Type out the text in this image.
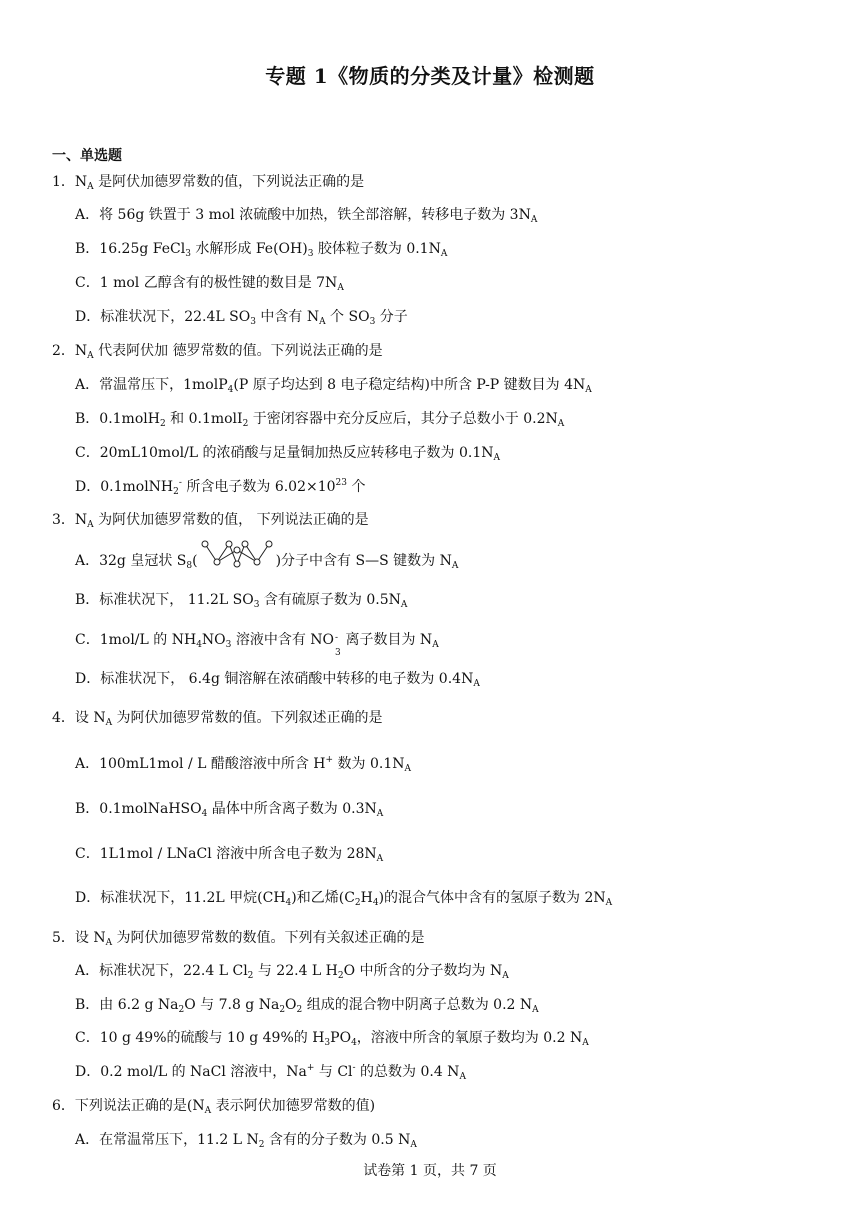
专题 1《物质的分类及计量》检测题
一、单选题
1．$N_A$ 是阿伏加德罗常数的值，下列说法正确的是
A．将 56g 铁置于 3 mol 浓硫酸中加热，铁全部溶解，转移电子数为 $3N_A$
B．16.25g FeCl$_3$ 水解形成 $Fe(OH)_3$ 胶体粒子数为 $0.1N_A$
C．1 mol 乙醇含有的极性键的数目是 $7N_A$
D．标准状况下，22.4L $SO_3$ 中含有 $N_A$ 个 $SO_3$ 分子
2．$N_A$ 代表阿伏加 德罗常数的值。下列说法正确的是
A．常温常压下，1molP$_4$(P 原子均达到 8 电子稳定结构)中所含 P-P 键数目为 $4N_A$
B．0.1molH$_2$ 和 0.1molI$_2$ 于密闭容器中充分反应后，其分子总数小于 $0.2N_A$
C．20mL10mol/L 的浓硝酸与足量铜加热反应转移电子数为 $0.1N_A$
D．0.1molNH$_2$- 所含电子数为 $6.02\times 10^{23}$ 个
3．$N_A$ 为阿伏加德罗常数的值， 下列说法正确的是
A．32g 皇冠状 $S_8$(	)分子中含有 S—S 键数为 $N_A$
B．标准状况下， 11.2L $SO_3$ 含有硫原子数为 $0.5N_A$
C．1mol/L 的 $NH_4NO_3$ 溶液中含有 NO -
3
离子数目为 $N_A$
D．标准状况下， 6.4g 铜溶解在浓硝酸中转移的电子数为 $0.4N_A$
4．设 $N_A$ 为阿伏加德罗常数的值。下列叙述正确的是
A．100mL1mol / L 醋酸溶液中所含 H+ 数为 $0.1N_A$
B．0.1molNaHSO$_4$ 晶体中所含离子数为 $0.3N_A$
C．1L1mol / LNaCl 溶液中所含电子数为 $28N_A$
D．标准状况下，11.2L 甲烷$(CH_4)$和乙烯$(C_2H_4)$的混合气体中含有的氢原子数为 $2N_A$
5．设 $N_A$ 为阿伏加德罗常数的数值。下列有关叙述正确的是
A．标准状况下，22.4 L $Cl_2$ 与 22.4 L $H_2O$ 中所含的分子数均为 $N_A$
B．由 6.2 g $Na_2O$ 与 7.8 g $Na_2O_2$ 组成的混合物中阴离子总数为 0.2 $N_A$
C．10 g 49%的硫酸与 10 g 49%的 $H_3PO_4$，溶液中所含的氧原子数均为 0.2 $N_A$
D．0.2 mol/L 的 NaCl 溶液中，Na+ 与 Cl- 的总数为 0.4 $N_A$
6．下列说法正确的是($N_A$ 表示阿伏加德罗常数的值)
A．在常温常压下，11.2 L $N_2$ 含有的分子数为 0.5 $N_A$
试卷第 1 页，共 7 页
